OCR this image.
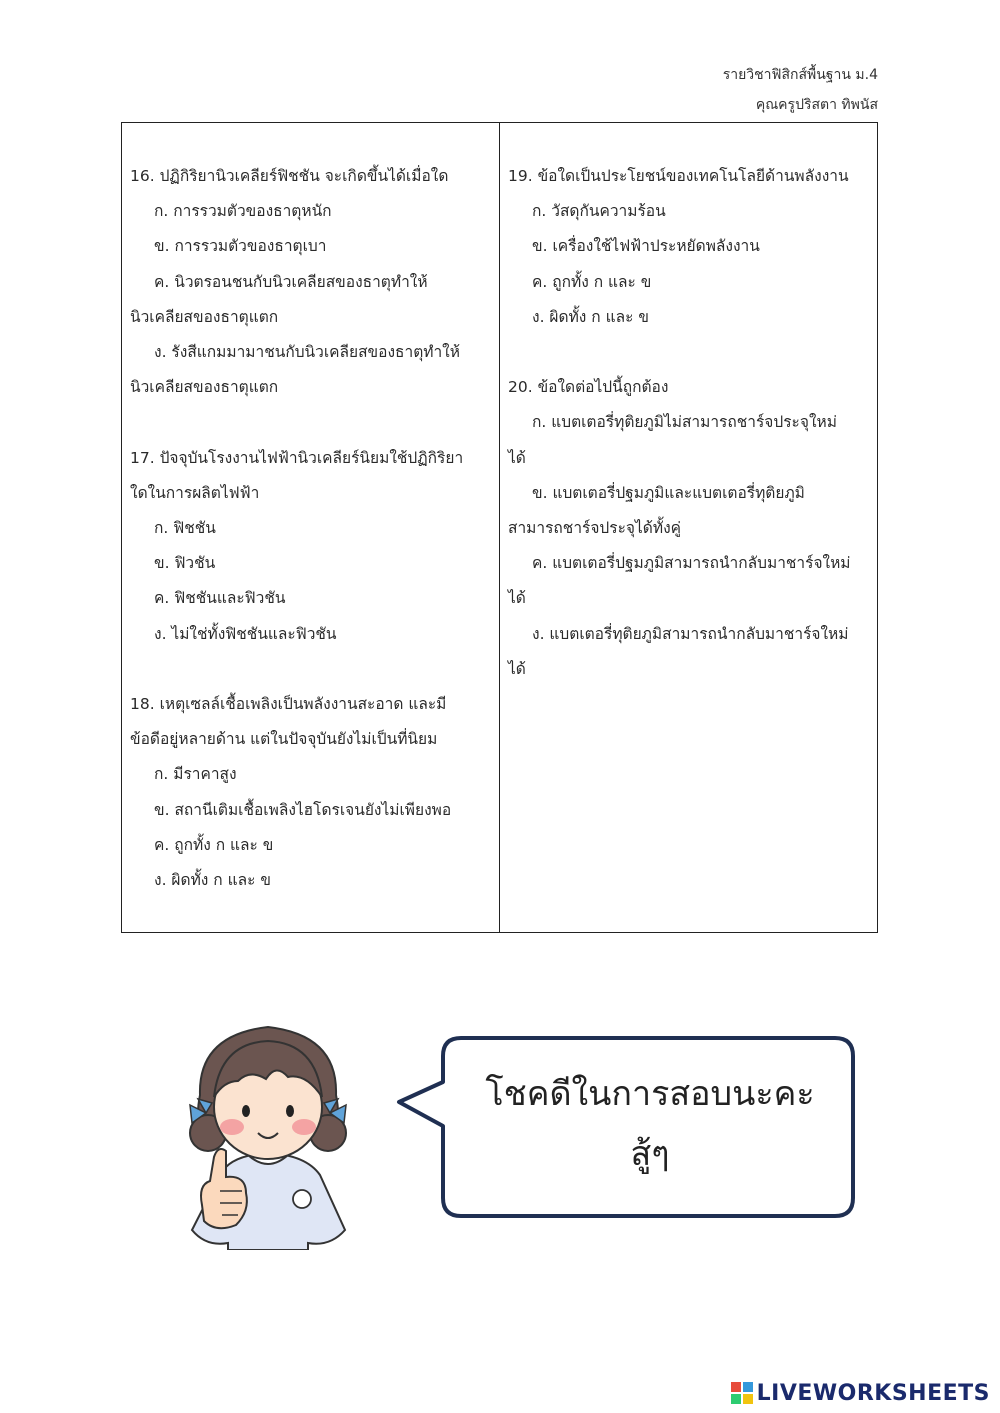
รายวิชาฟิสิกส์พื้นฐาน ม.4
คุณครูปริสตา ทิพนัส
16. ปฏิกิริยานิวเคลียร์ฟิชชัน จะเกิดขึ้นได้เมื่อใด
ก. การรวมตัวของธาตุหนัก
ข. การรวมตัวของธาตุเบา
ค. นิวตรอนชนกับนิวเคลียสของธาตุทำให้
นิวเคลียสของธาตุแตก
ง. รังสีแกมมามาชนกับนิวเคลียสของธาตุทำให้
นิวเคลียสของธาตุแตก
17. ปัจจุบันโรงงานไฟฟ้านิวเคลียร์นิยมใช้ปฏิกิริยา
ใดในการผลิตไฟฟ้า
ก. ฟิชชัน
ข. ฟิวชัน
ค. ฟิชชันและฟิวชัน
ง. ไม่ใช่ทั้งฟิชชันและฟิวชัน
18. เหตุเซลล์เชื้อเพลิงเป็นพลังงานสะอาด และมี
ข้อดีอยู่หลายด้าน แต่ในปัจจุบันยังไม่เป็นที่นิยม
ก. มีราคาสูง
ข. สถานีเติมเชื้อเพลิงไฮโดรเจนยังไม่เพียงพอ
ค. ถูกทั้ง ก และ ข
ง. ผิดทั้ง ก และ ข
19. ข้อใดเป็นประโยชน์ของเทคโนโลยีด้านพลังงาน
ก. วัสดุกันความร้อน
ข. เครื่องใช้ไฟฟ้าประหยัดพลังงาน
ค. ถูกทั้ง ก และ ข
ง. ผิดทั้ง ก และ ข
20. ข้อใดต่อไปนี้ถูกต้อง
ก. แบตเตอรี่ทุติยภูมิไม่สามารถชาร์จประจุใหม่
ได้
ข. แบตเตอรี่ปฐมภูมิและแบตเตอรี่ทุติยภูมิ
สามารถชาร์จประจุได้ทั้งคู่
ค. แบตเตอรี่ปฐมภูมิสามารถนำกลับมาชาร์จใหม่
ได้
ง. แบตเตอรี่ทุติยภูมิสามารถนำกลับมาชาร์จใหม่
ได้
โชคดีในการสอบนะคะ
สู้ๆ
LIVEWORKSHEETS
